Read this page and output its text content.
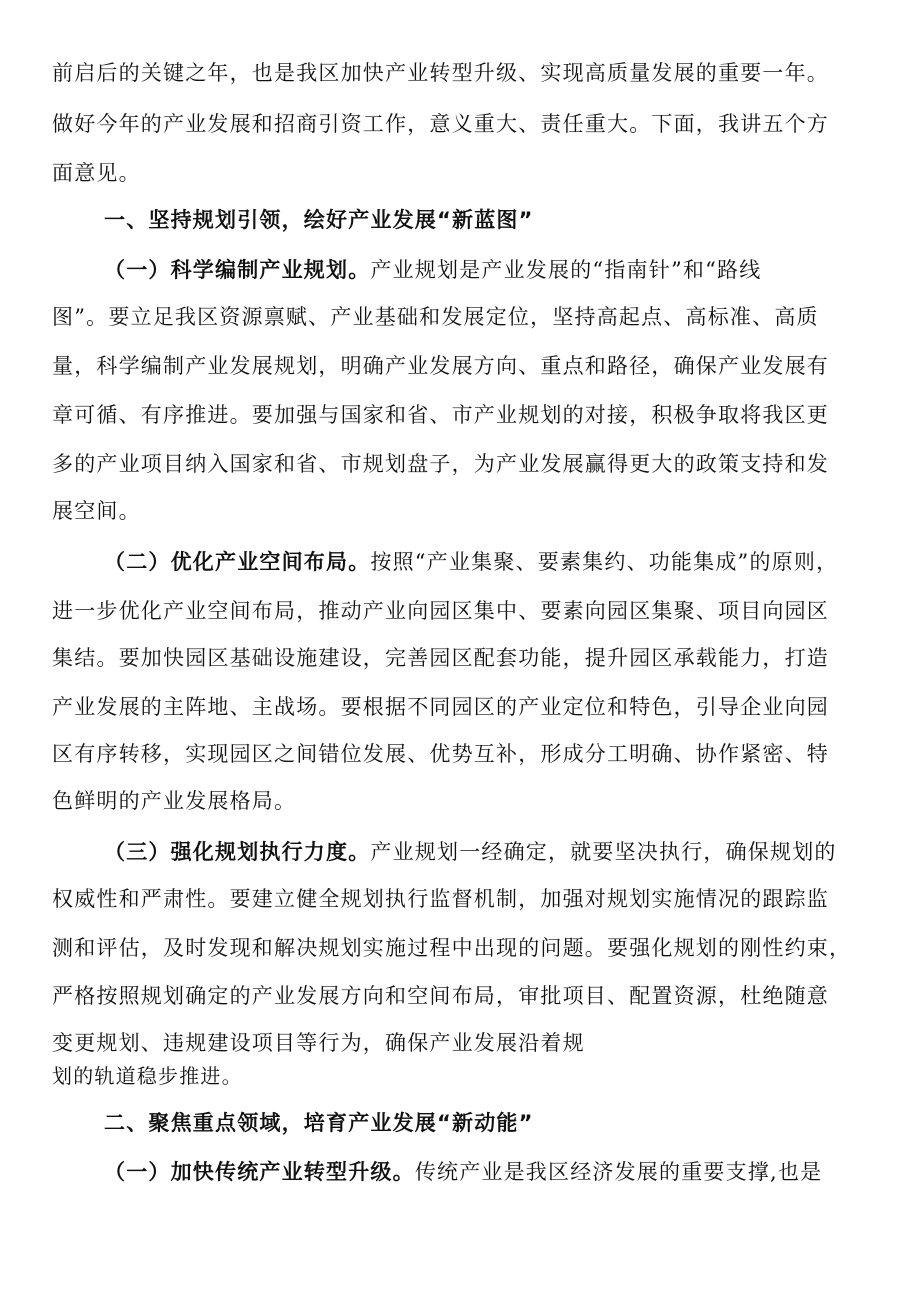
前启后的关键之年，也是我区加快产业转型升级、实现高质量发展的重要一年。
做好今年的产业发展和招商引资工作，意义重大、责任重大。下面，我讲五个方
面意见。
一、坚持规划引领，绘好产业发展“新蓝图”
（一）科学编制产业规划。产业规划是产业发展的“指南针”和“路线
图”。要立足我区资源禀赋、产业基础和发展定位，坚持高起点、高标准、高质
量，科学编制产业发展规划，明确产业发展方向、重点和路径，确保产业发展有
章可循、有序推进。要加强与国家和省、市产业规划的对接，积极争取将我区更
多的产业项目纳入国家和省、市规划盘子，为产业发展赢得更大的政策支持和发
展空间。
（二）优化产业空间布局。按照“产业集聚、要素集约、功能集成”的原则，
进一步优化产业空间布局，推动产业向园区集中、要素向园区集聚、项目向园区
集结。要加快园区基础设施建设，完善园区配套功能，提升园区承载能力，打造
产业发展的主阵地、主战场。要根据不同园区的产业定位和特色，引导企业向园
区有序转移，实现园区之间错位发展、优势互补，形成分工明确、协作紧密、特
色鲜明的产业发展格局。
（三）强化规划执行力度。产业规划一经确定，就要坚决执行，确保规划的
权威性和严肃性。要建立健全规划执行监督机制，加强对规划实施情况的跟踪监
测和评估，及时发现和解决规划实施过程中出现的问题。要强化规划的刚性约束，
严格按照规划确定的产业发展方向和空间布局，审批项目、配置资源，杜绝随意
变更规划、违规建设项目等行为，确保产业发展沿着规
划的轨道稳步推进。
二、聚焦重点领域，培育产业发展“新动能”
（一）加快传统产业转型升级。传统产业是我区经济发展的重要支撑,也是
